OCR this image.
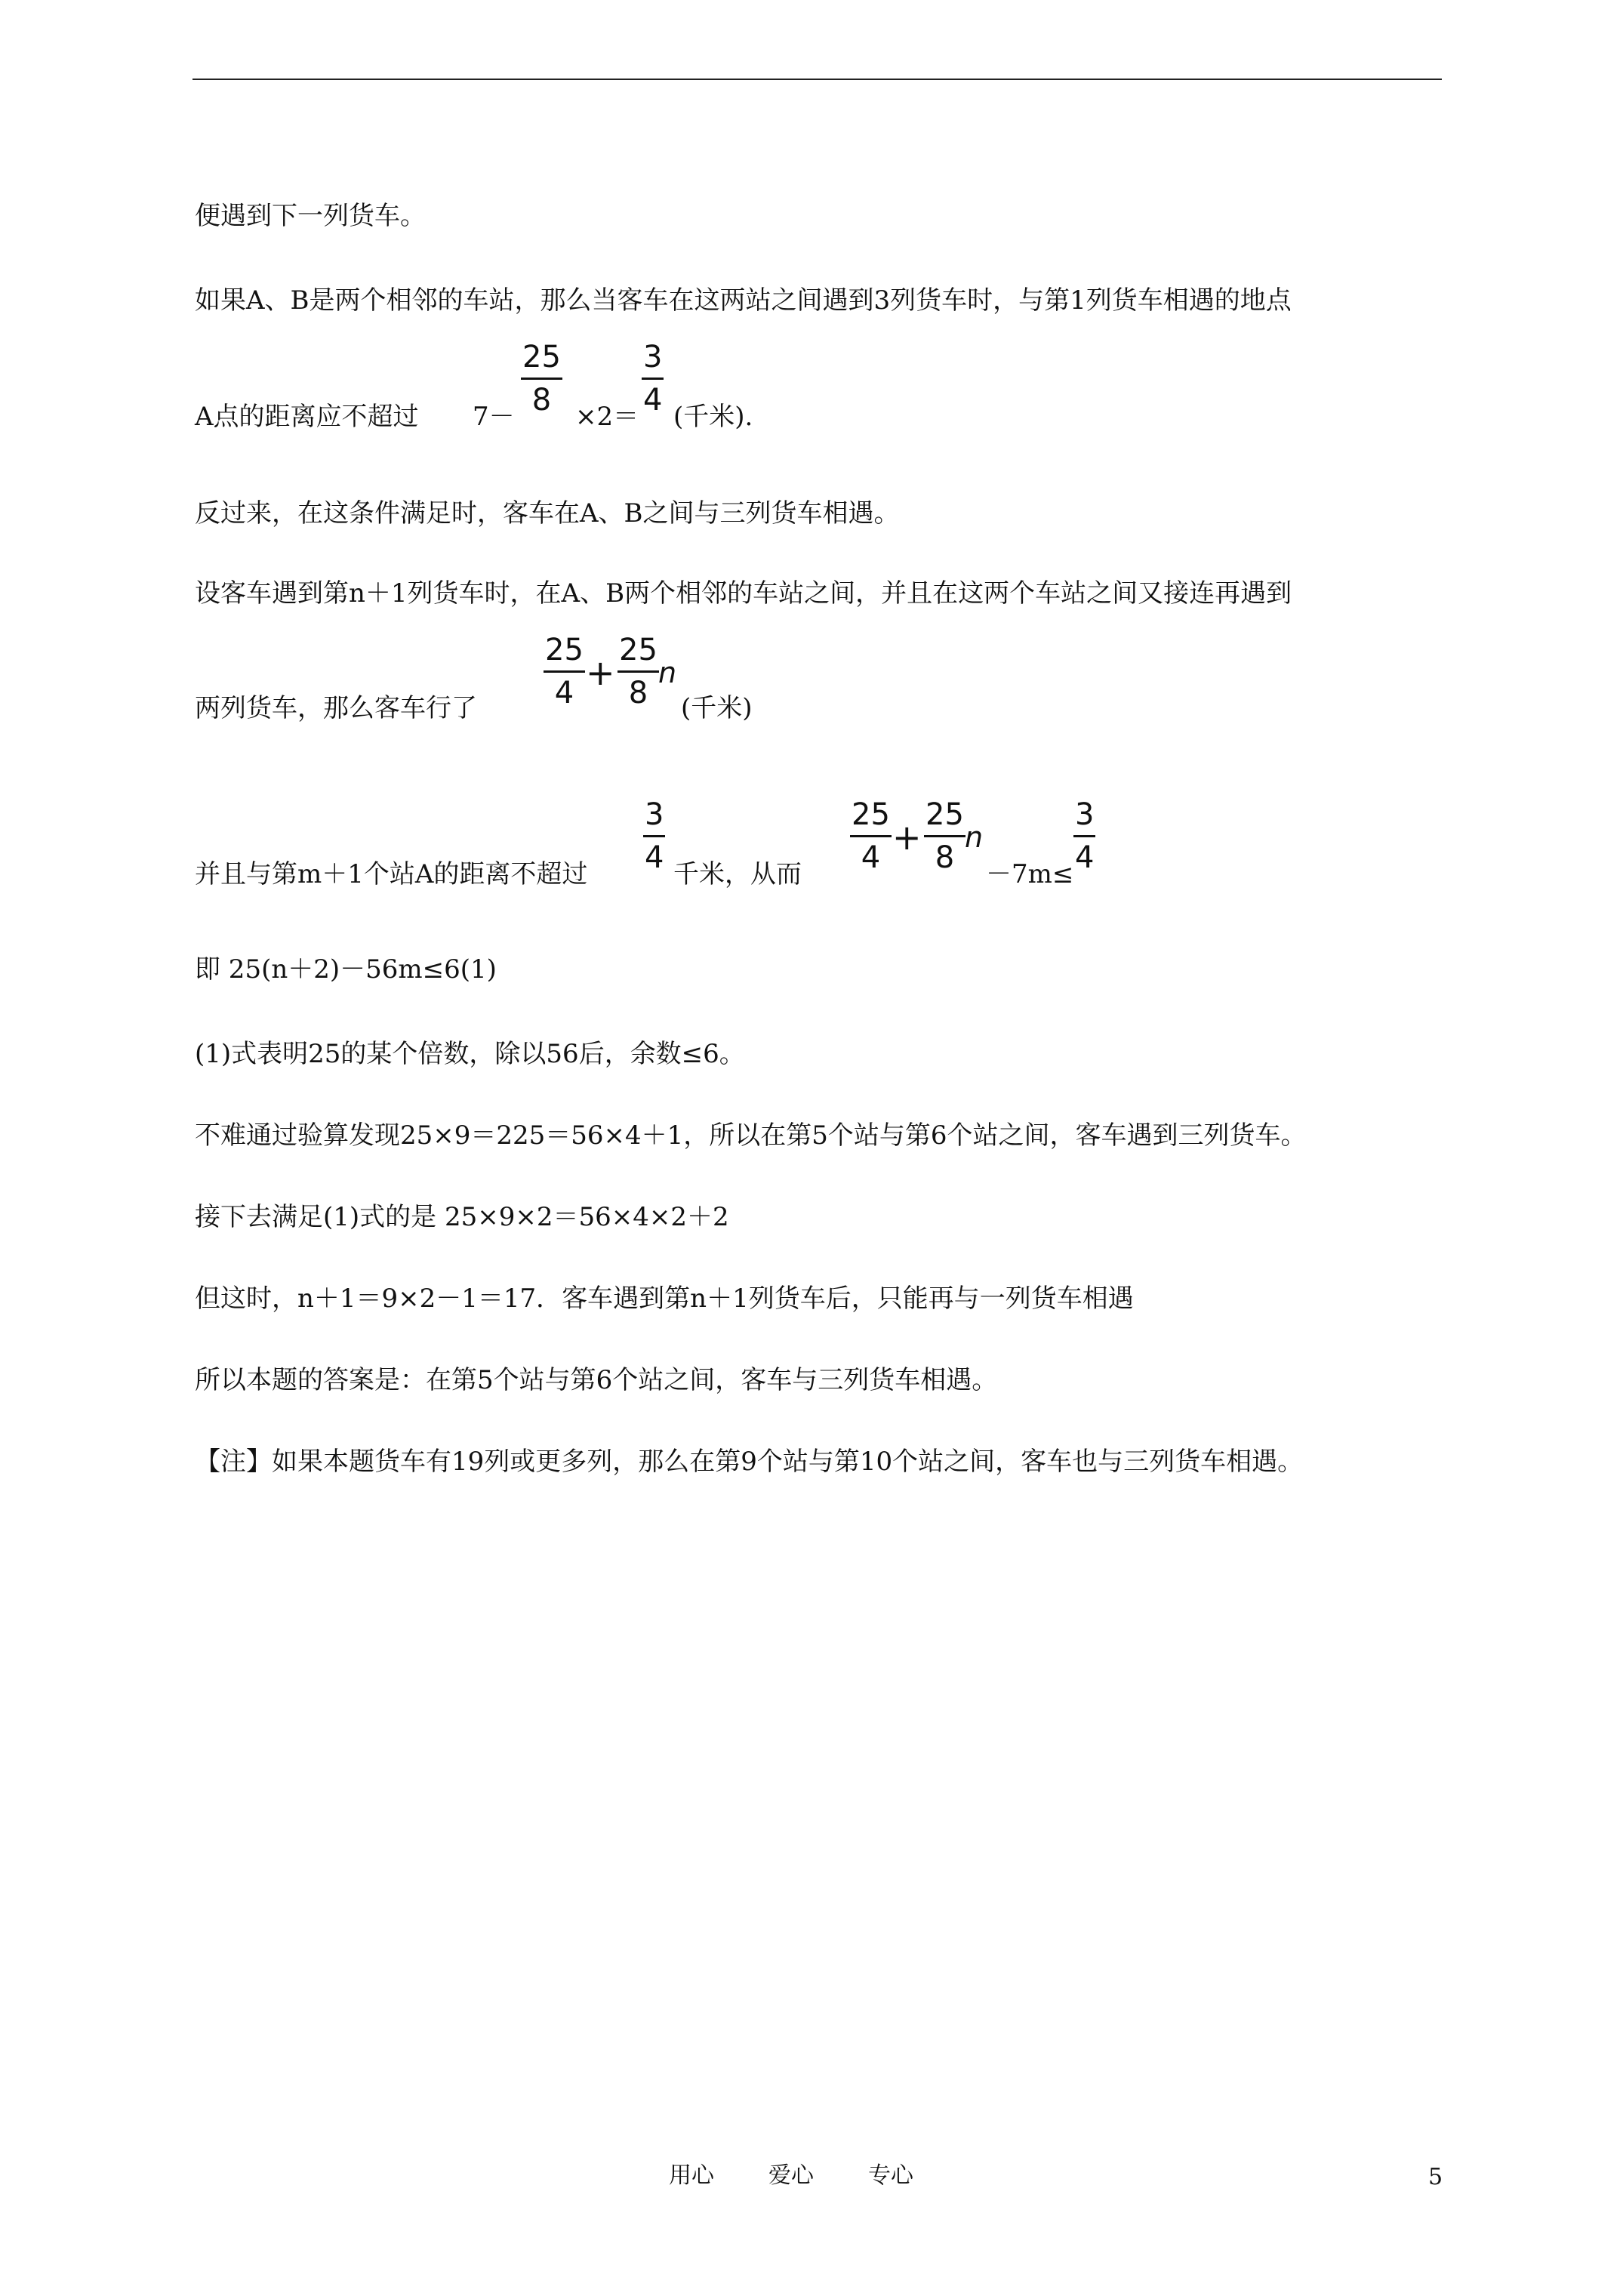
便遇到下一列货车。
如果A、B是两个相邻的车站，那么当客车在这两站之间遇到3列货车时，与第1列货车相遇的地点
A点的距离应不超过 7－
25
8 ×2＝
3
4 (千米).
反过来，在这条件满足时，客车在A、B之间与三列货车相遇。
设客车遇到第n＋1列货车时，在A、B两个相邻的车站之间，并且在这两个车站之间又接连再遇到
两列货车，那么客车行了
25
4 +
25
8
n
(千米)
并且与第m＋1个站A的距离不超过
3
4 千米，从而
25
4 +
25
8
n
－7m≤
3
4
即 25(n＋2)－56m≤6(1)
(1)式表明25的某个倍数，除以56后，余数≤6。
不难通过验算发现25×9＝225＝56×4＋1，所以在第5个站与第6个站之间，客车遇到三列货车。
接下去满足(1)式的是 25×9×2＝56×4×2＋2
但这时，n＋1＝9×2－1＝17．客车遇到第n＋1列货车后，只能再与一列货车相遇
所以本题的答案是：在第5个站与第6个站之间，客车与三列货车相遇。
【注】如果本题货车有19列或更多列，那么在第9个站与第10个站之间，客车也与三列货车相遇。
用心 爱心 专心	5
